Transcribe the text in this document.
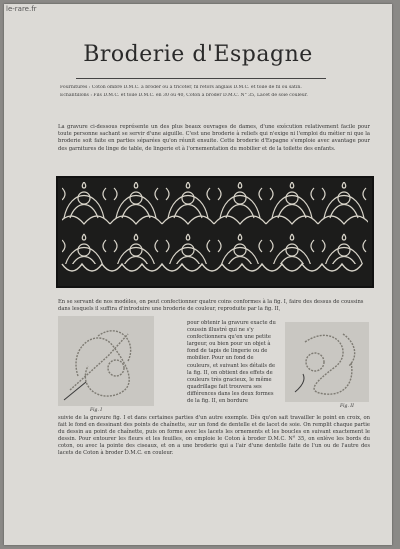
le-rare.fr
Broderie d'Espagne
Fournitures : Coton ombré D.M.C. à broder ou à tricoter, fil retors anglais D.M.C. et toile de fil ou satin.
Échantillons : Fils D.M.C. et toile D.M.C. en 30 ou 40, Coton à broder D.M.C. N° 35, Lacet de soie couleur.
La gravure ci-dessous représente un des plus beaux ouvrages de dames, d'une exécution relativement facile pour toute personne sachant se servir d'une aiguille. C'est une broderie à reliefs qui n'exige ni l'emploi du métier ni que la broderie soit faite en parties séparées qu'on réunit ensuite. Cette broderie d'Espagne s'emploie avec avantage pour des garnitures de linge de table, de lingerie et à l'ornementation du mobilier et de la toilette des enfants.
En se servant de nos modèles, on peut confectionner quatre coins conformes à la fig. I, faire des dessus de coussins dans lesquels il suffira d'introduire une broderie de couleur, reproduite par la fig. II,
Fig. I
pour obtenir la gravure exacte du coussin illustré qui ne s'y confectionnera qu'en une petite largeur, ou bien pour un objet à fond de tapis de lingerie ou de mobilier. Pour un fond de couleurs, et suivant les détails de la fig. II, on obtient des effets de couleurs très gracieux, le même quadrillage fait trouvera ses différences dans les deux formes de la fig. II, en bordure
Fig. II
suivie de la gravure fig. I et dans certaines parties d'un autre exemple. Dès qu'on sait travailler le point en croix, on fait le fond en dessinant des points de chaînette, sur un fond de dentelle et de lacet de soie. On remplit chaque partie du dessin au point de chaînette, puis on forme avec les lacets les ornements et les boucles en suivant exactement le dessin. Pour entourer les fleurs et les feuilles, on emploie le Coton à broder D.M.C. N° 35, on enlève les bords du coton, ou avec la pointe des ciseaux, et on a une broderie qui a l'air d'une dentelle faite de l'un ou de l'autre des lacets de Coton à broder D.M.C. en couleur.
